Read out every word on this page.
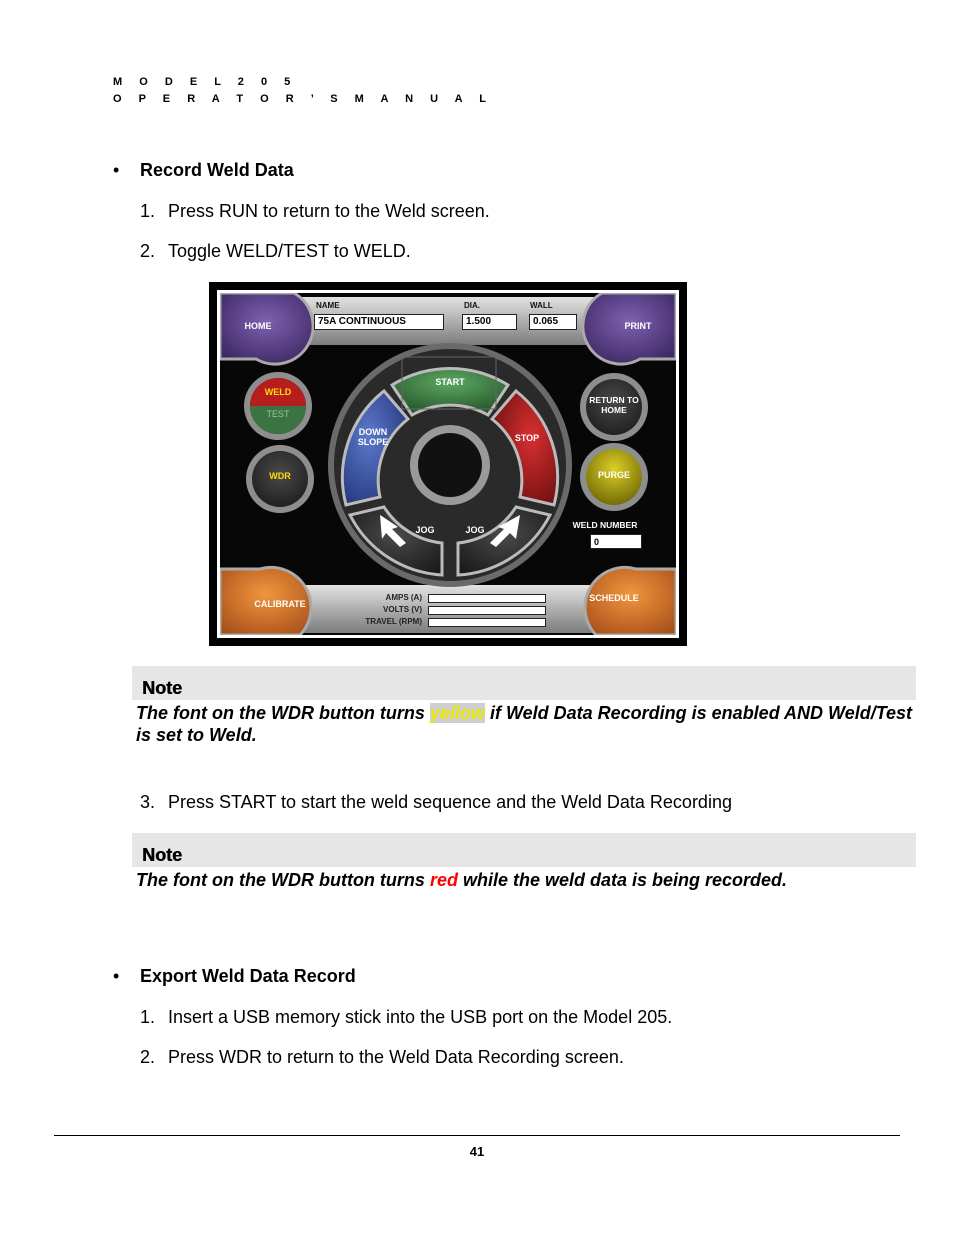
M O D E L 2 0 5
O P E R A T O R ’ S M A N U A L
• Record Weld Data
1. Press RUN to return to the Weld screen.
2. Toggle WELD/TEST to WELD.
NAME	DIA.	WALL
75A CONTINUOUS	1.500	0.065
HOME	PRINT
WELD
TEST
WDR
START
STOP
DOWN
SLOPE
JOG	JOG
RETURN TO
HOME
PURGE
WELD NUMBER
0
CALIBRATE
SCHEDULE
AMPS (A)
VOLTS (V)
TRAVEL (RPM)
Note
The font on the WDR button turns yellow if Weld Data Recording is enabled AND Weld/Test is set to Weld.
3. Press START to start the weld sequence and the Weld Data Recording
Note
The font on the WDR button turns red while the weld data is being recorded.
• Export Weld Data Record
1. Insert a USB memory stick into the USB port on the Model 205.
2. Press WDR to return to the Weld Data Recording screen.
41
